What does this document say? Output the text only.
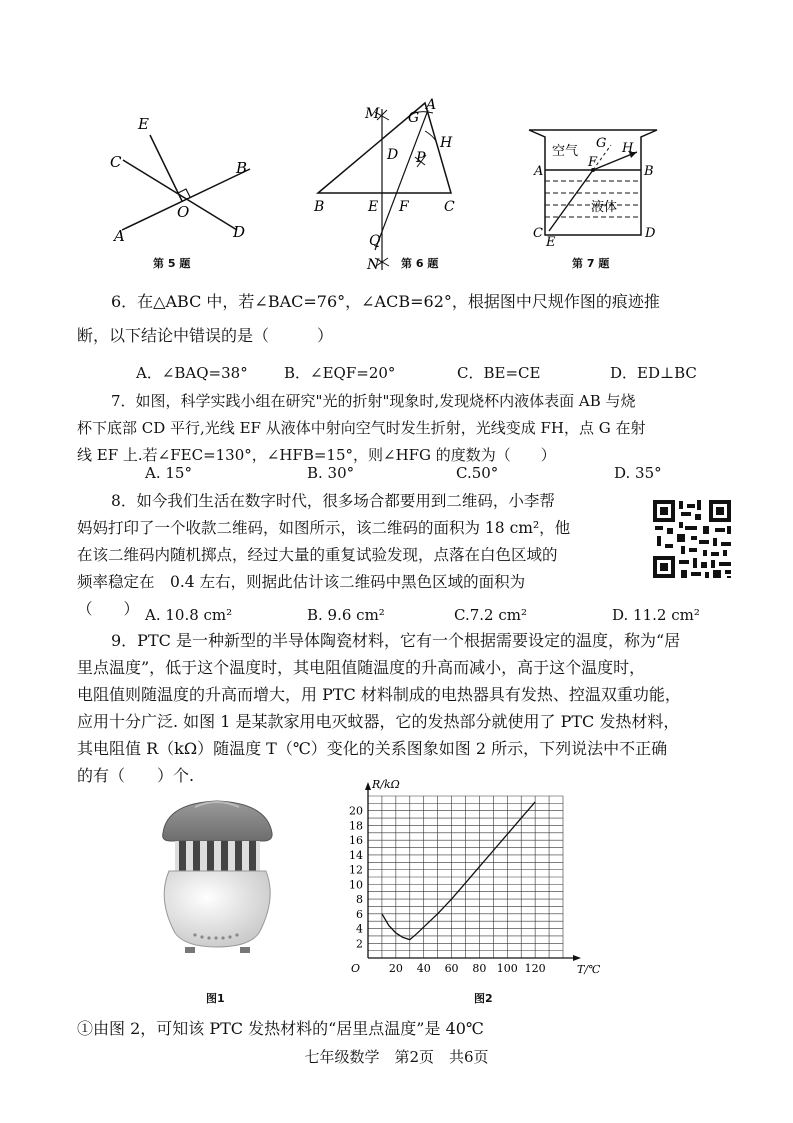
E
C	B
O
A	D
第 5 题
M
A
G
H
D P
B	E F	C
Q
N 第 6 题
空气
G H
F
A	B
液体
C
E
D
第 7 题

6．在△ABC 中，若∠BAC=76°，∠ACB=62°，根据图中尺规作图的痕迹推

断，以下结论中错误的是（　　　）

A．∠BAQ=38° B．∠EQF=20°	C．BE=CE	D．ED⊥BC

7．如图，科学实践小组在研究"光的折射"现象时,发现烧杯内液体表面 AB 与烧

杯下底部 CD 平行,光线 EF 从液体中射向空气时发生折射，光线变成 FH，点 G 在射

线 EF 上.若∠FEC=130°，∠HFB=15°，则∠HFG 的度数为（　　）

A. 15°	B. 30°	C.50°	D. 35°

8．如今我们生活在数字时代，很多场合都要用到二维码，小李帮

妈妈打印了一个收款二维码，如图所示，该二维码的面积为 18 cm²，他

在该二维码内随机掷点，经过大量的重复试验发现，点落在白色区域的

频率稳定在　0.4 左右，则据此估计该二维码中黑色区域的面积为

（　　） A. 10.8 cm²	B. 9.6 cm²	C.7.2 cm²	D. 11.2 cm²

9．PTC 是一种新型的半导体陶瓷材料，它有一个根据需要设定的温度，称为“居

里点温度”，低于这个温度时，其电阻值随温度的升高而减小，高于这个温度时，

电阻值则随温度的升高而增大，用 PTC 材料制成的电热器具有发热、控温双重功能，

应用十分广泛. 如图 1 是某款家用电灭蚊器，它的发热部分就使用了 PTC 发热材料，

其电阻值 R（kΩ）随温度 T（℃）变化的关系图象如图 2 所示，下列说法中不正确

的有（　　）个.

图1
20 40 60 80 100 120
2
4
6
8
10
12
14
16
18
20
O	T/℃
R/kΩ
图2
①由图 2，可知该 PTC 发热材料的“居里点温度”是 40℃
七年级数学　第2页　共6页
